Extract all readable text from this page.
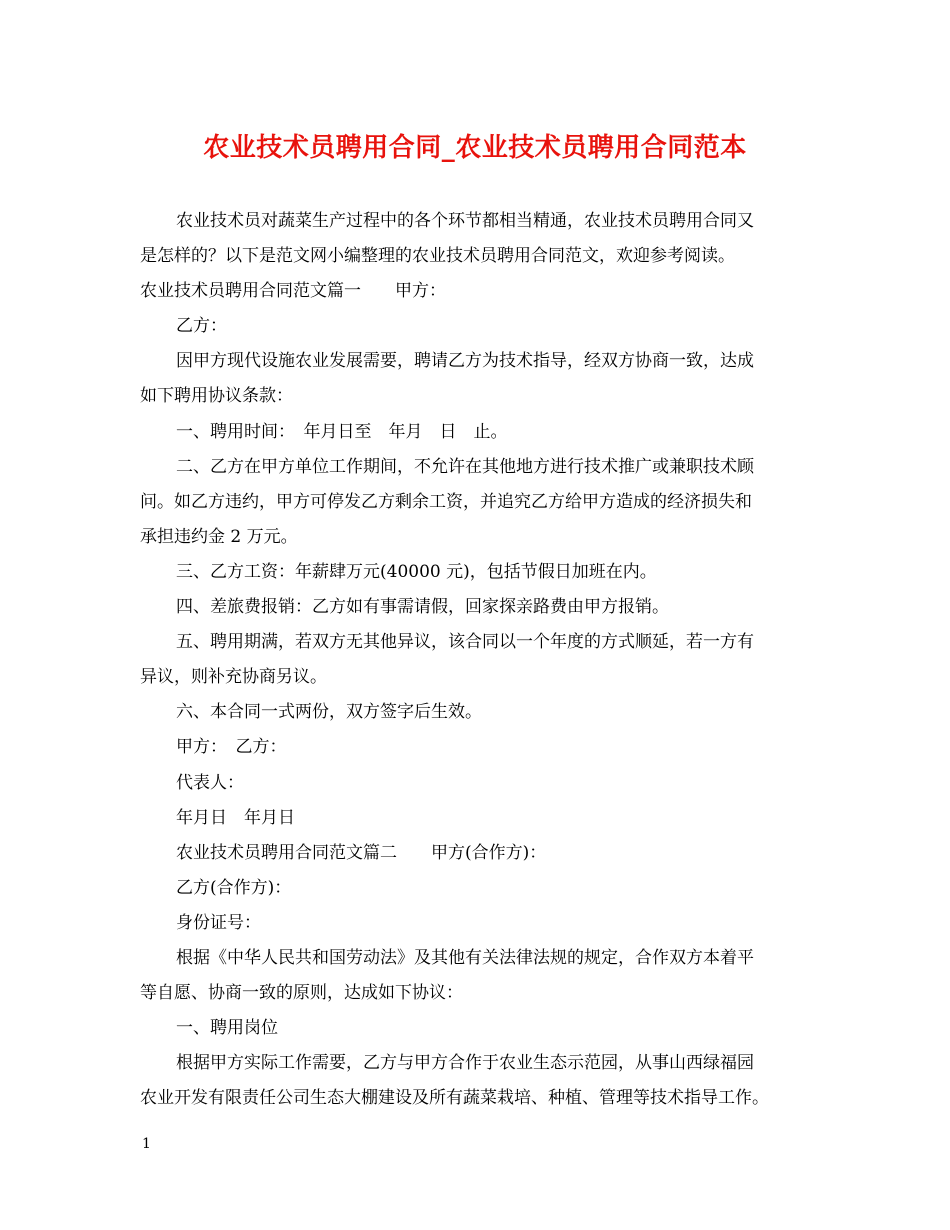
农业技术员聘用合同_农业技术员聘用合同范本

农业技术员对蔬菜生产过程中的各个环节都相当精通，农业技术员聘用合同又

是怎样的？以下是范文网小编整理的农业技术员聘用合同范文，欢迎参考阅读。

农业技术员聘用合同范文篇一　　甲方：

乙方：

因甲方现代设施农业发展需要，聘请乙方为技术指导，经双方协商一致，达成

如下聘用协议条款：

一、聘用时间：　年月日至　年月　日　止。

二、乙方在甲方单位工作期间，不允许在其他地方进行技术推广或兼职技术顾

问。如乙方违约，甲方可停发乙方剩余工资，并追究乙方给甲方造成的经济损失和

承担违约金 2 万元。

三、乙方工资：年薪肆万元(40000 元)，包括节假日加班在内。

四、差旅费报销：乙方如有事需请假，回家探亲路费由甲方报销。

五、聘用期满，若双方无其他异议，该合同以一个年度的方式顺延，若一方有

异议，则补充协商另议。

六、本合同一式两份，双方签字后生效。

甲方：　乙方：

代表人：

年月日　年月日

农业技术员聘用合同范文篇二　　甲方(合作方)：

乙方(合作方)：

身份证号：

根据《中华人民共和国劳动法》及其他有关法律法规的规定，合作双方本着平

等自愿、协商一致的原则，达成如下协议：

一、聘用岗位

根据甲方实际工作需要，乙方与甲方合作于农业生态示范园，从事山西绿福园

农业开发有限责任公司生态大棚建设及所有蔬菜栽培、种植、管理等技术指导工作。

1
